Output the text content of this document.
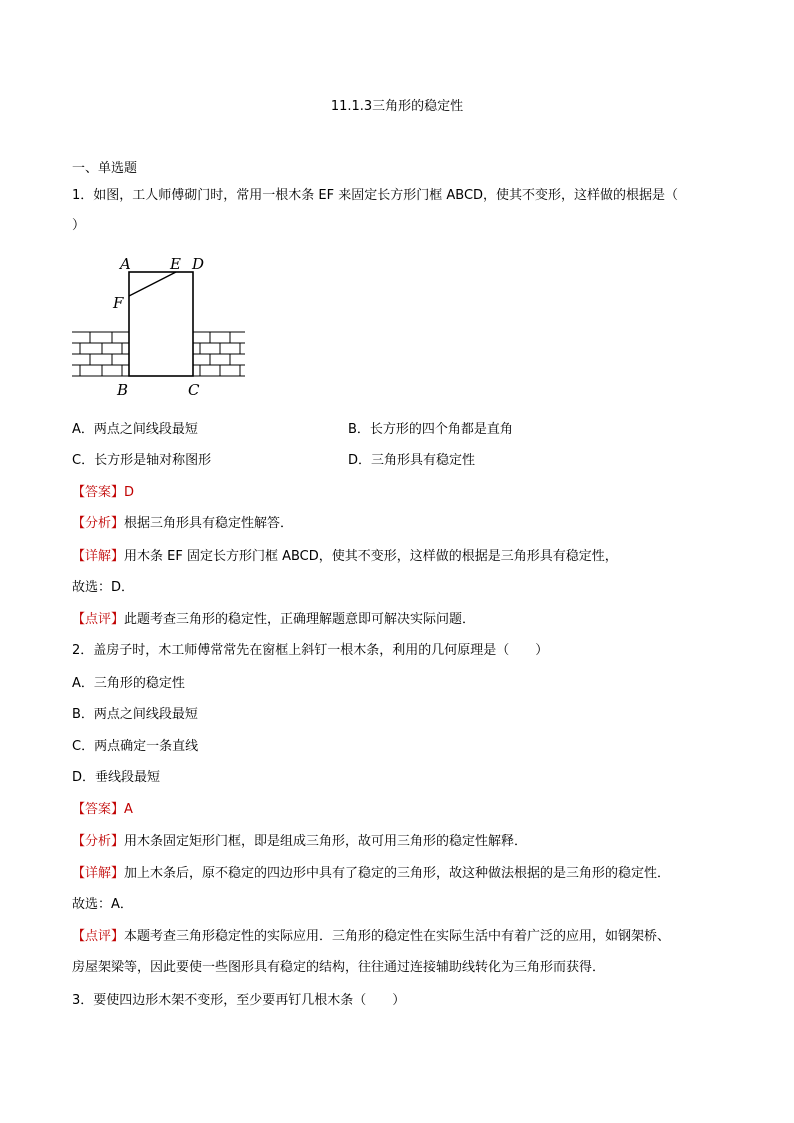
11.1.3三角形的稳定性
一、单选题
1．如图，工人师傅砌门时，常用一根木条 EF 来固定长方形门框 ABCD，使其不变形，这样做的根据是（
）
A	E D
F
B	C
A．两点之间线段最短	B．长方形的四个角都是直角
C．长方形是轴对称图形	D．三角形具有稳定性
【答案】D
【分析】根据三角形具有稳定性解答．
【详解】用木条 EF 固定长方形门框 ABCD，使其不变形，这样做的根据是三角形具有稳定性，
故选：D．
【点评】此题考查三角形的稳定性，正确理解题意即可解决实际问题．
2．盖房子时，木工师傅常常先在窗框上斜钉一根木条，利用的几何原理是（　　）
A．三角形的稳定性
B．两点之间线段最短
C．两点确定一条直线
D．垂线段最短
【答案】A
【分析】用木条固定矩形门框，即是组成三角形，故可用三角形的稳定性解释．
【详解】加上木条后，原不稳定的四边形中具有了稳定的三角形，故这种做法根据的是三角形的稳定性．
故选：A．
【点评】本题考查三角形稳定性的实际应用．三角形的稳定性在实际生活中有着广泛的应用，如钢架桥、
房屋架梁等，因此要使一些图形具有稳定的结构，往往通过连接辅助线转化为三角形而获得．
3．要使四边形木架不变形，至少要再钉几根木条（　　）
